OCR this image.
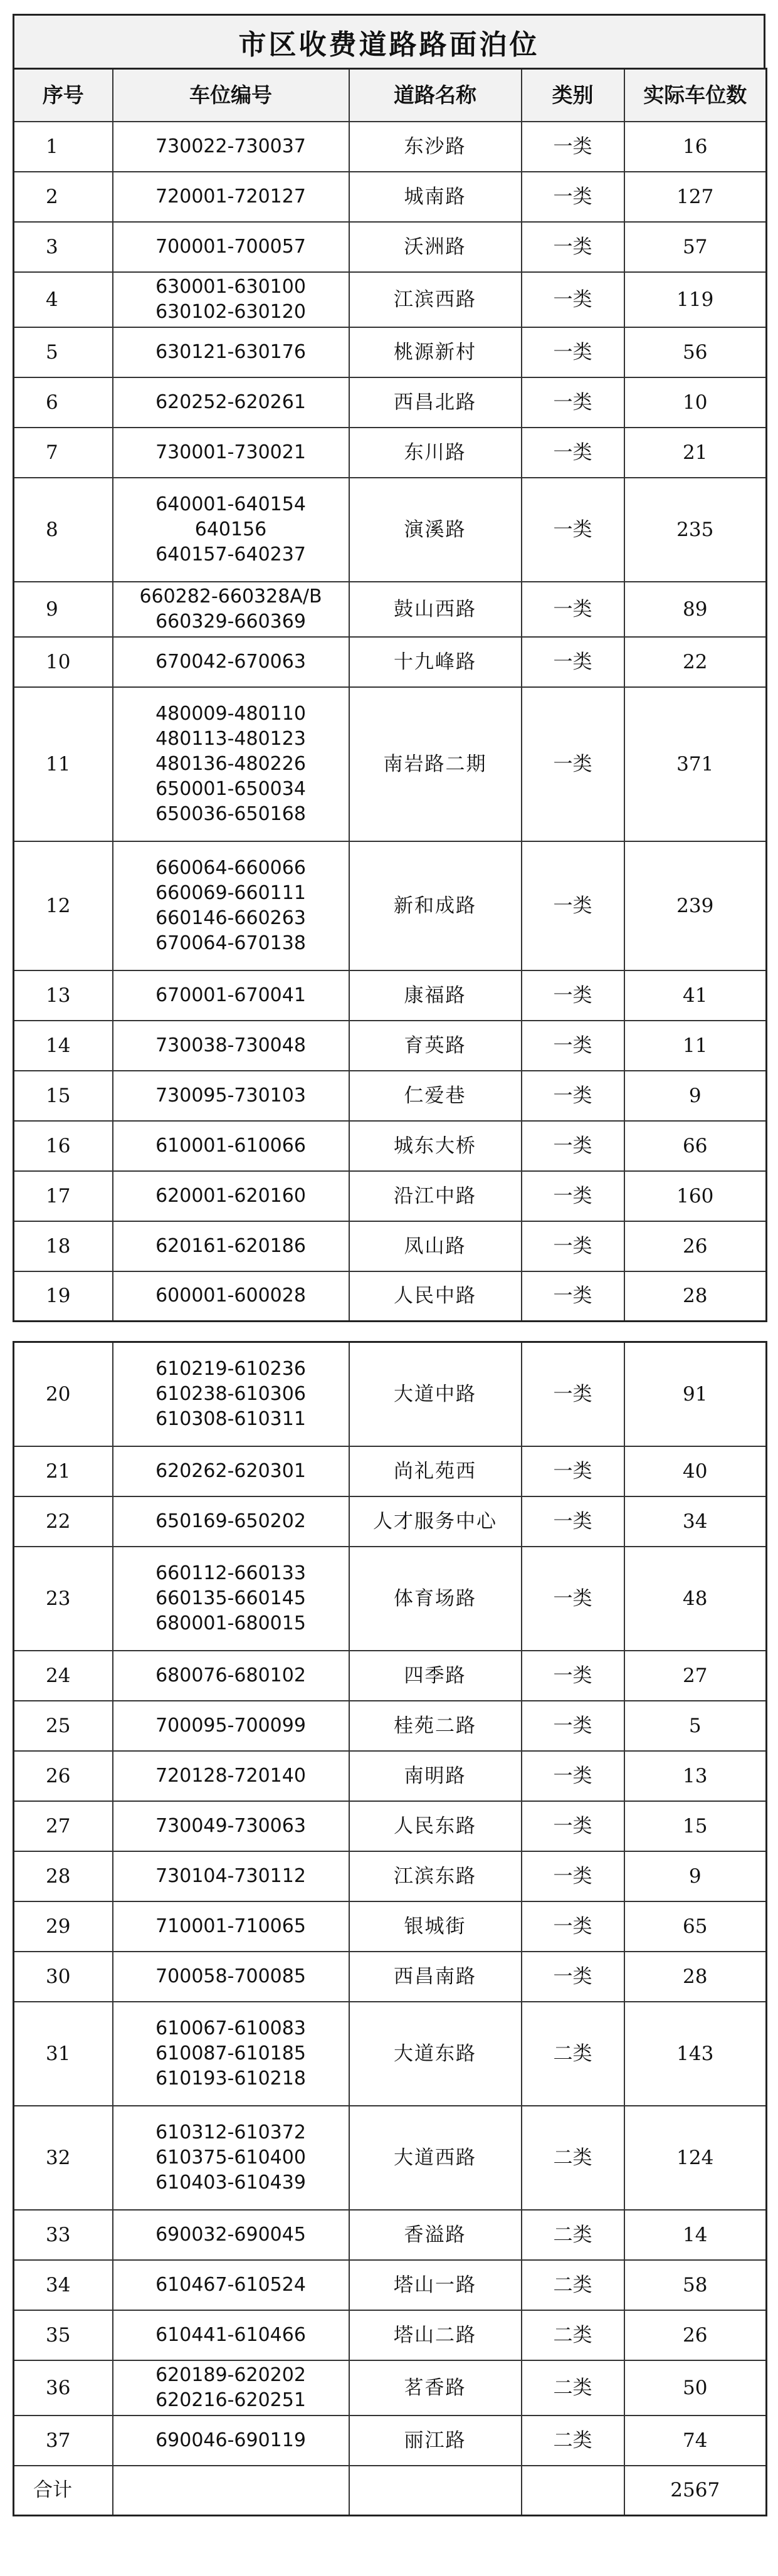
市区收费道路路面泊位
序号	车位编号	道路名称	类别	实际车位数
1	730022-730037	东沙路	一类	16
2	720001-720127	城南路	一类	127
3	700001-700057	沃洲路	一类	57
4	630001-630100
630102-630120	江滨西路	一类	119
5	630121-630176	桃源新村	一类	56
6	620252-620261	西昌北路	一类	10
7	730001-730021	东川路	一类	21
8	640001-640154
640156
640157-640237	演溪路	一类	235
9	660282-660328A/B
660329-660369	鼓山西路	一类	89
10	670042-670063	十九峰路	一类	22
11	480009-480110
480113-480123
480136-480226
650001-650034
650036-650168	南岩路二期	一类	371
12	660064-660066
660069-660111
660146-660263
670064-670138	新和成路	一类	239
13	670001-670041	康福路	一类	41
14	730038-730048	育英路	一类	11
15	730095-730103	仁爱巷	一类	9
16	610001-610066	城东大桥	一类	66
17	620001-620160	沿江中路	一类	160
18	620161-620186	凤山路	一类	26
19	600001-600028	人民中路	一类	28
20	610219-610236
610238-610306
610308-610311	大道中路	一类	91
21	620262-620301	尚礼苑西	一类	40
22	650169-650202	人才服务中心	一类	34
23	660112-660133
660135-660145
680001-680015	体育场路	一类	48
24	680076-680102	四季路	一类	27
25	700095-700099	桂苑二路	一类	5
26	720128-720140	南明路	一类	13
27	730049-730063	人民东路	一类	15
28	730104-730112	江滨东路	一类	9
29	710001-710065	银城街	一类	65
30	700058-700085	西昌南路	一类	28
31	610067-610083
610087-610185
610193-610218	大道东路	二类	143
32	610312-610372
610375-610400
610403-610439	大道西路	二类	124
33	690032-690045	香溢路	二类	14
34	610467-610524	塔山一路	二类	58
35	610441-610466	塔山二路	二类	26
36	620189-620202
620216-620251	茗香路	二类	50
37	690046-690119	丽江路	二类	74
合计				2567
